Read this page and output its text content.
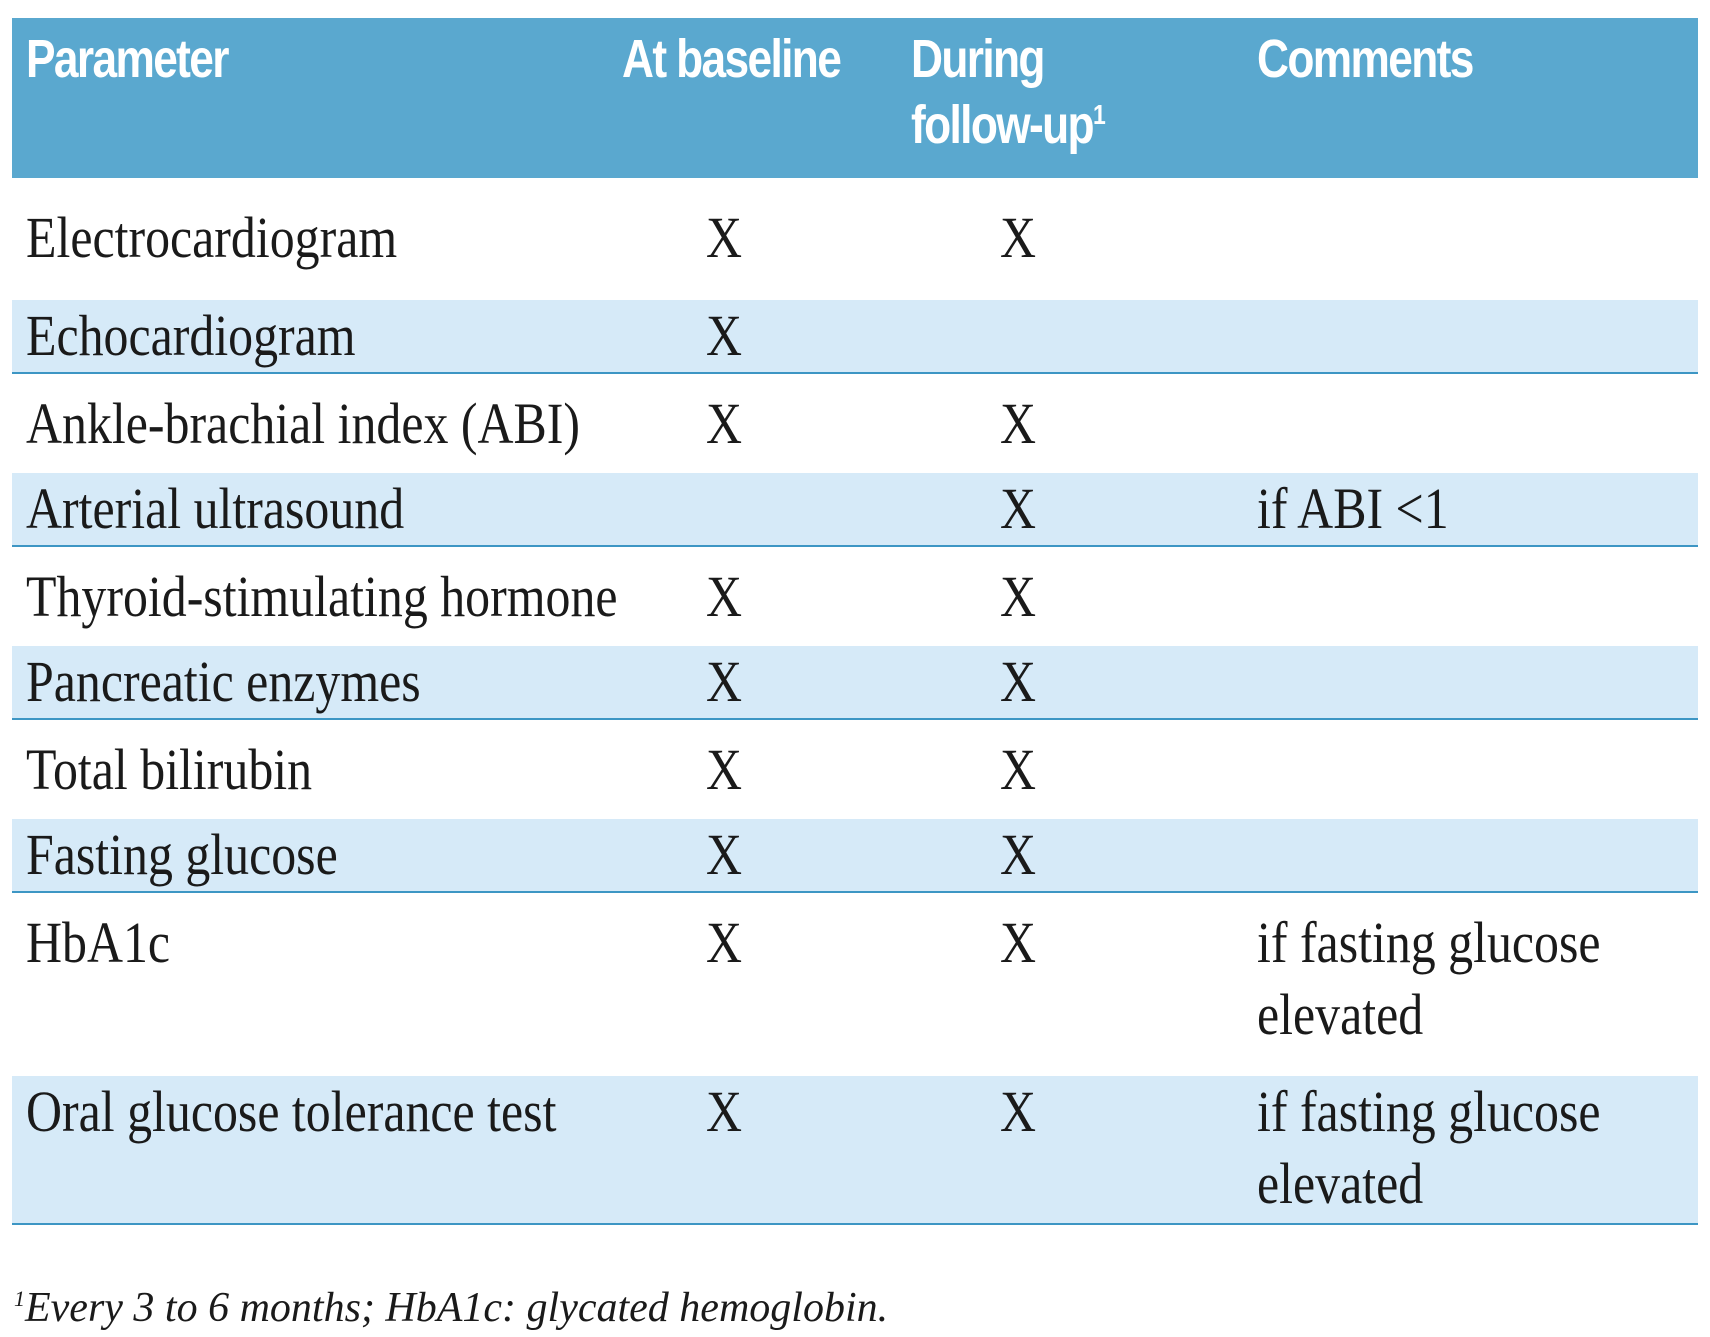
Parameter	At baseline	During
follow-$up^1$	Comments

Electrocardiogram	X	X	
Echocardiogram	X		
Ankle-brachial index (ABI)	X	X	
Arterial ultrasound		X	if ABI <1
Thyroid-stimulating hormone	X	X	
Pancreatic enzymes	X	X	
Total bilirubin	X	X	
Fasting glucose	X	X	
HbA1c	X	X	if fasting glucose
elevated
Oral glucose tolerance test	X	X	if fasting glucose
elevated
$^1$Every 3 to 6 months; HbA1c: glycated hemoglobin.
